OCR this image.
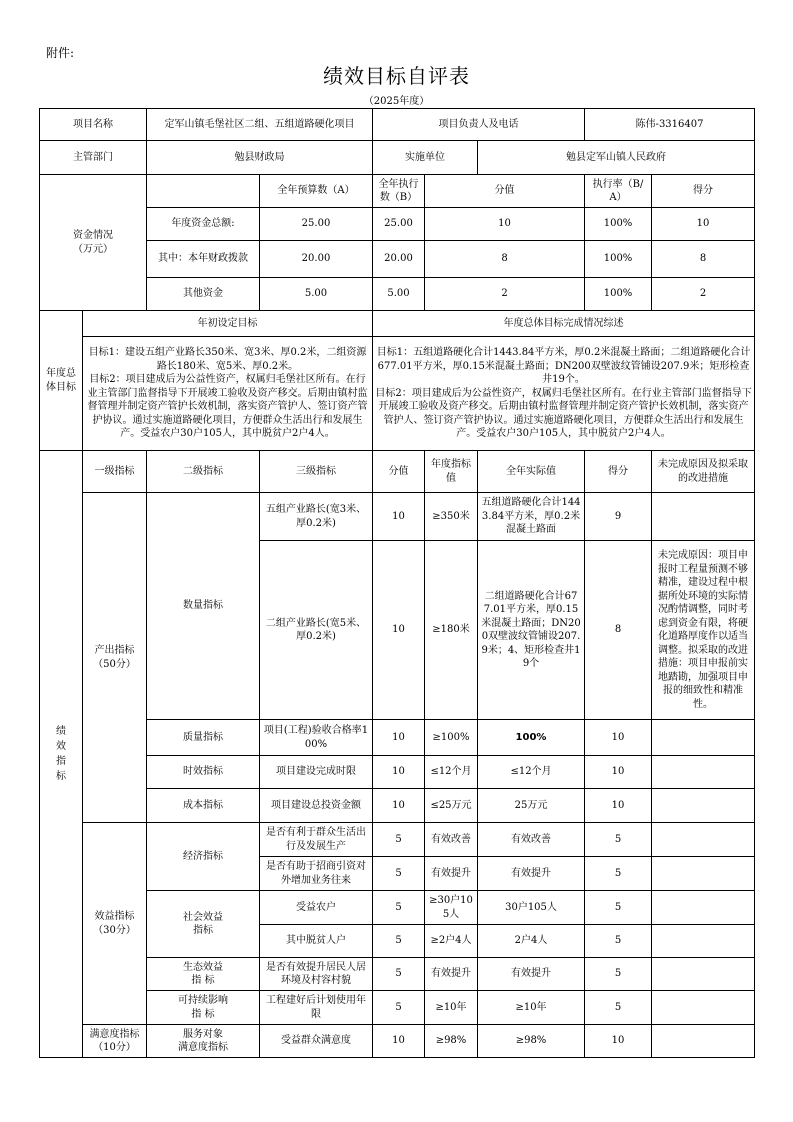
附件:
绩效目标自评表
（2025年度）
项目名称		定军山镇毛堡社区二组、五组道路硬化项目		项目负责人及电话			陈伟-3316407	
主管部门		勉县财政局		实施单位		勉县定军山镇人民政府		
资金情况
（万元）			全年预算数（A）	全年执行数（B）	分值		执行率（B/A）	得分
		年度资金总额:	25.00	25.00	10		100%	10
		其中：本年财政拨款	20.00	20.00	8		100%	8
		其他资金	5.00	5.00	2		100%	2
年度总体目标	年初设定目标			年度总体目标完成情况综述				
	目标1：建设五组产业路长350米、宽3米、厚0.2米，二组资源路长180米、宽5米、厚0.2米。
目标2：项目建成后为公益性资产，权属归毛堡社区所有。在行业主管部门监督指导下开展竣工验收及资产移交。后期由镇村监督管理并制定资产管护长效机制，落实资产管护人、签订资产管护协议。通过实施道路硬化项目，方便群众生活出行和发展生产。受益农户30户105人，其中脱贫户2户4人。			目标1：五组道路硬化合计1443.84平方米，厚0.2米混凝土路面；二组道路硬化合计677.01平方米，厚0.15米混凝土路面；DN200双壁波纹管铺设207.9米；矩形检查井19个。
目标2：项目建成后为公益性资产，权属归毛堡社区所有。在行业主管部门监督指导下开展竣工验收及资产移交。后期由镇村监督管理并制定资产管护长效机制，落实资产管护人、签订资产管护协议。通过实施道路硬化项目，方便群众生活出行和发展生产。受益农户30户105人，其中脱贫户2户4人。				
绩效指标	一级指标	二级指标	三级指标	分值	年度指标值	全年实际值	得分	未完成原因及拟采取的改进措施
	产出指标
（50分）	数量指标	五组产业路长(宽3米、厚0.2米)	10	≥350米	五组道路硬化合计1443.84平方米，厚0.2米混凝土路面	9	
			二组产业路长(宽5米、厚0.2米)	10	≥180米	二组道路硬化合计677.01平方米，厚0.15米混凝土路面；DN200双壁波纹管铺设207.9米；4、矩形检查井19个	8	未完成原因：项目申报时工程量预测不够精准，建设过程中根据所处环境的实际情况酌情调整，同时考虑到资金有限，将硬化道路厚度作以适当调整。拟采取的改进措施：项目申报前实地踏勘，加强项目申报的细致性和精准性。
		质量指标	项目(工程)验收合格率100%	10	≥100%	100%	10	
		时效指标	项目建设完成时限	10	≤12个月	≤12个月	10	
		成本指标	项目建设总投资金额	10	≤25万元	25万元	10	
	效益指标
（30分）	经济指标	是否有利于群众生活出行及发展生产	5	有效改善	有效改善	5	
			是否有助于招商引资对外增加业务往来	5	有效提升	有效提升	5	
		社会效益
指标	受益农户	5	≥30户105人	30户105人	5	
			其中脱贫人户	5	≥2户4人	2户4人	5	
		生态效益
指 标	是否有效提升居民人居环境及村容村貌	5	有效提升	有效提升	5	
		可持续影响
指 标	工程建好后计划使用年限	5	≥10年	≥10年	5	
	满意度指标
（10分）	服务对象
满意度指标	受益群众满意度	10	≥98%	≥98%	10	
